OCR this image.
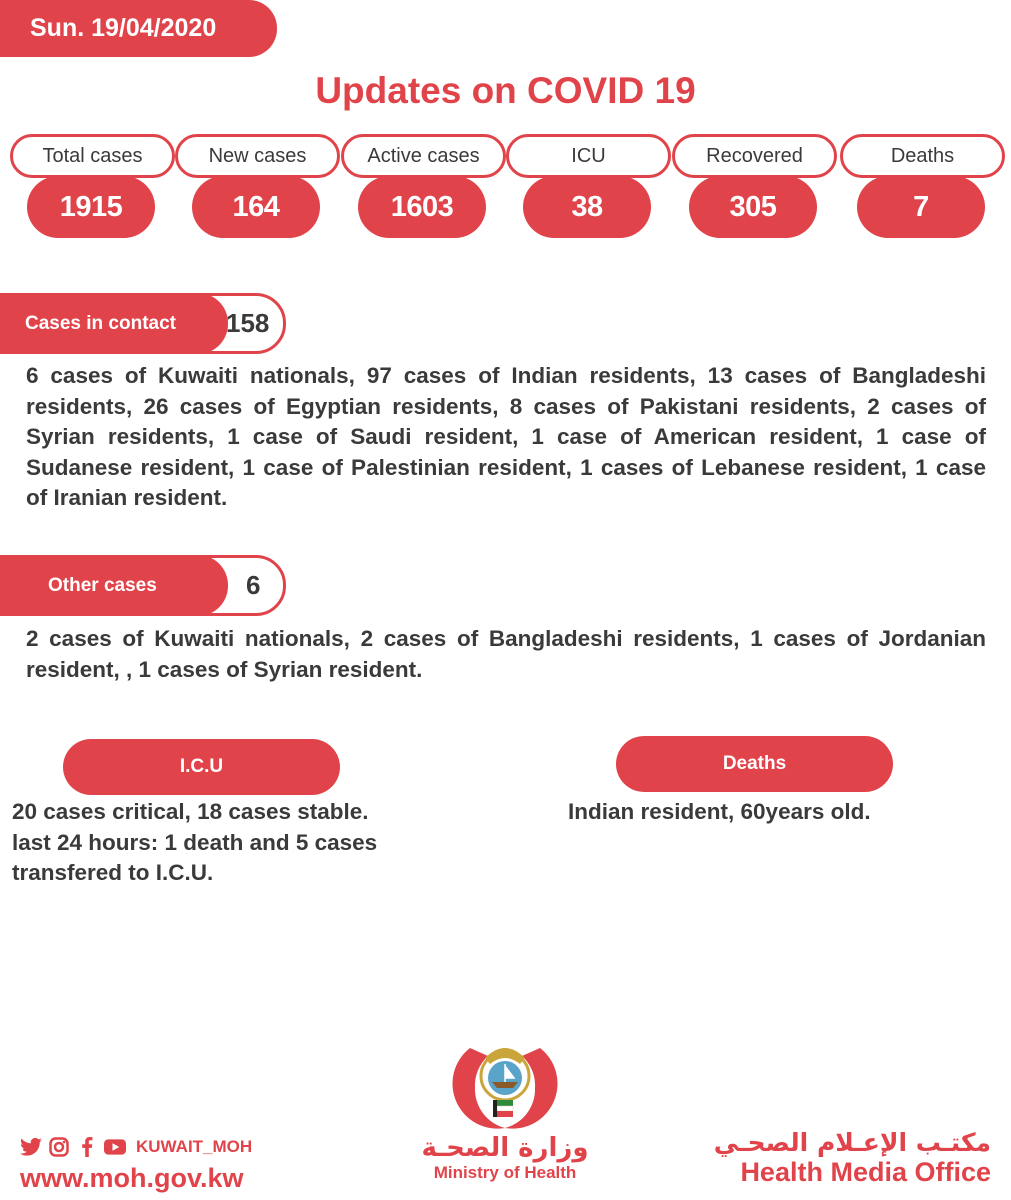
Sun. 19/04/2020
Updates on COVID 19
Total cases
1915
New cases
164
Active cases
1603
ICU
38
Recovered
305
Deaths
7
Cases in contact	158
6 cases of Kuwaiti nationals, 97 cases of Indian residents, 13 cases of Bangladeshi residents, 26 cases of Egyptian residents, 8 cases of Pakistani residents, 2 cases of Syrian residents, 1 case of Saudi resident, 1 case of American resident, 1 case of Sudanese resident, 1 case of Palestinian resident, 1 cases of Lebanese resident, 1 case of Iranian resident.
Other cases	6
2 cases of Kuwaiti nationals, 2 cases of Bangladeshi residents, 1 cases of Jordanian resident, , 1 cases of Syrian resident.
I.C.U
20 cases critical, 18 cases stable.
last 24 hours: 1 death and 5 cases
transfered to I.C.U.
Deaths
Indian resident, 60years old.
KUWAIT_MOH
www.moh.gov.kw
وزارة الصحـة
Ministry of Health
مكتـب الإعـلام الصحـي
Health Media Office
